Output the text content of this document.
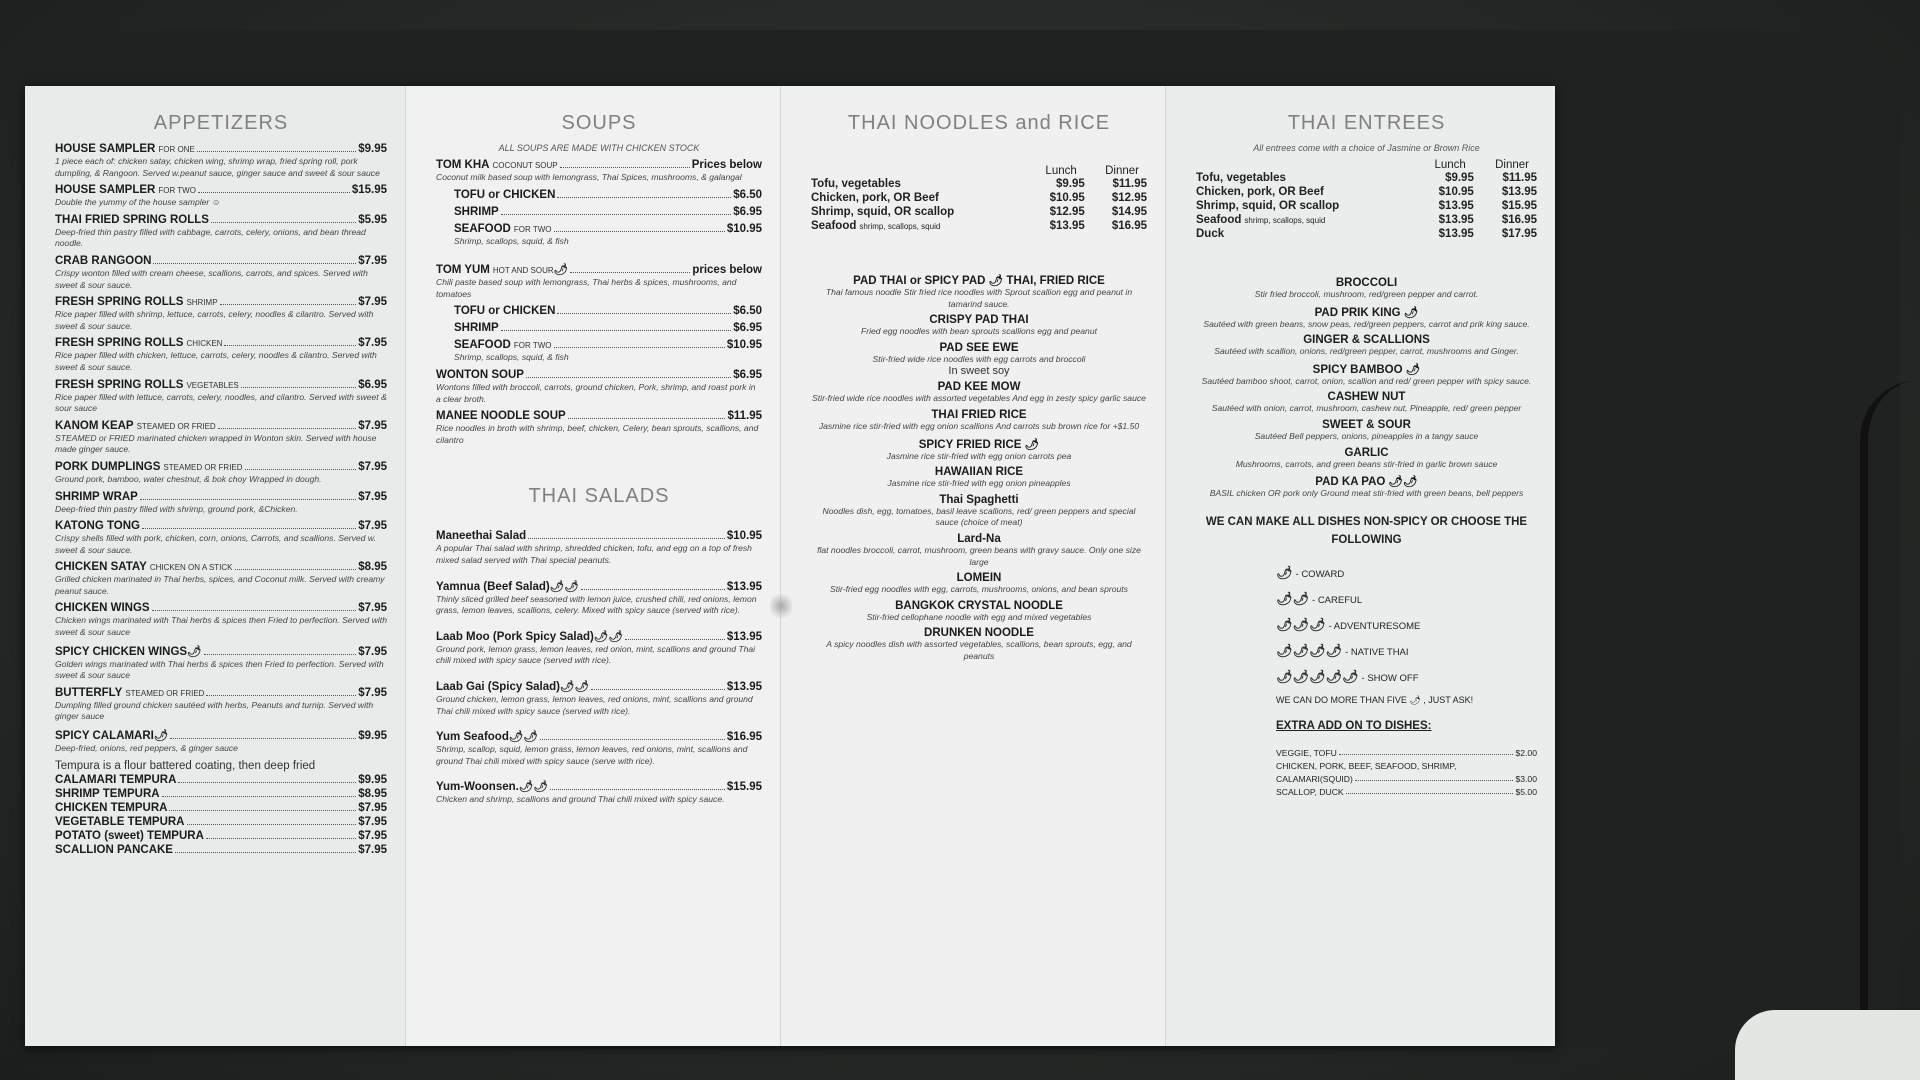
APPETIZERS
HOUSE SAMPLER FOR ONE	$9.95
1 piece each of: chicken satay, chicken wing, shrimp wrap, fried spring roll, pork dumpling, & Rangoon. Served w.peanut sauce, ginger sauce and sweet & sour sauce
HOUSE SAMPLER FOR TWO	$15.95
Double the yummy of the house sampler ☺
THAI FRIED SPRING ROLLS	$5.95
Deep-fried thin pastry filled with cabbage, carrots, celery, onions, and bean thread noodle.
CRAB RANGOON	$7.95
Crispy wonton filled with cream cheese, scallions, carrots, and spices. Served with sweet & sour sauce.
FRESH SPRING ROLLS SHRIMP	$7.95
Rice paper filled with shrimp, lettuce, carrots, celery, noodles & cilantro. Served with sweet & sour sauce.
FRESH SPRING ROLLS CHICKEN	$7.95
Rice paper filled with chicken, lettuce, carrots, celery, noodles & cilantro. Served with sweet & sour sauce.
FRESH SPRING ROLLS VEGETABLES	$6.95
Rice paper filled with lettuce, carrots, celery, noodles, and cilantro. Served with sweet & sour sauce
KANOM KEAP STEAMED OR FRIED	$7.95
STEAMED or FRIED marinated chicken wrapped in Wonton skin. Served with house made ginger sauce.
PORK DUMPLINGS STEAMED OR FRIED	$7.95
Ground pork, bamboo, water chestnut, & bok choy Wrapped in dough.
SHRIMP WRAP	$7.95
Deep-fried thin pastry filled with shrimp, ground pork, &Chicken.
KATONG TONG	$7.95
Crispy shells filled with pork, chicken, corn, onions, Carrots, and scallions. Served w. sweet & sour sauce.
CHICKEN SATAY CHICKEN ON A STICK	$8.95
Grilled chicken marinated in Thai herbs, spices, and Coconut milk. Served with creamy peanut sauce.
CHICKEN WINGS	$7.95
Chicken wings marinated with Thai herbs & spices then Fried to perfection. Served with sweet & sour sauce
SPICY CHICKEN WINGS 🌶	$7.95
Golden wings marinated with Thai herbs & spices then Fried to perfection. Served with sweet & sour sauce
BUTTERFLY STEAMED OR FRIED	$7.95
Dumpling filled ground chicken sautéed with herbs, Peanuts and turnip. Served with ginger sauce
SPICY CALAMARI 🌶	$9.95
Deep-fried, onions, red peppers, & ginger sauce
Tempura is a flour battered coating, then deep fried
CALAMARI TEMPURA	$9.95
SHRIMP TEMPURA	$8.95
CHICKEN TEMPURA	$7.95
VEGETABLE TEMPURA	$7.95
POTATO (sweet) TEMPURA	$7.95
SCALLION PANCAKE	$7.95
SOUPS
ALL SOUPS ARE MADE WITH CHICKEN STOCK
TOM KHA COCONUT SOUP	Prices below
Coconut milk based soup with lemongrass, Thai Spices, mushrooms, & galangal
TOFU or CHICKEN	$6.50
SHRIMP	$6.95
SEAFOOD FOR TWO	$10.95
Shrimp, scallops, squid, & fish
TOM YUM HOT AND SOUR 🌶	prices below
Chili paste based soup with lemongrass, Thai herbs & spices, mushrooms, and tomatoes
TOFU or CHICKEN	$6.50
SHRIMP	$6.95
SEAFOOD FOR TWO	$10.95
Shrimp, scallops, squid, & fish
WONTON SOUP	$6.95
Wontons filled with broccoli, carrots, ground chicken, Pork, shrimp, and roast pork in a clear broth.
MANEE NOODLE SOUP	$11.95
Rice noodles in broth with shrimp, beef, chicken, Celery, bean sprouts, scallions, and cilantro
THAI SALADS
Maneethai Salad	$10.95
A popular Thai salad with shrimp, shredded chicken, tofu, and egg on a top of fresh mixed salad served with Thai special peanuts.
Yamnua (Beef Salad) 🌶🌶	$13.95
Thinly sliced grilled beef seasoned with lemon juice, crushed chili, red onions, lemon grass, lemon leaves, scallions, celery. Mixed with spicy sauce (served with rice).
Laab Moo (Pork Spicy Salad) 🌶🌶	$13.95
Ground pork, lemon grass, lemon leaves, red onion, mint, scallions and ground Thai chili mixed with spicy sauce (served with rice).
Laab Gai (Spicy Salad) 🌶🌶	$13.95
Ground chicken, lemon grass, lemon leaves, red onions, mint, scallions and ground Thai chili mixed with spicy sauce (served with rice).
Yum Seafood 🌶🌶	$16.95
Shrimp, scallop, squid, lemon grass, lemon leaves, red onions, mint, scallions and ground Thai chili mixed with spicy sauce (serve with rice).
Yum-Woonsen. 🌶🌶	$15.95
Chicken and shrimp, scallions and ground Thai chili mixed with spicy sauce.
THAI NOODLES and RICE
	Lunch	Dinner
Tofu, vegetables	$9.95	$11.95
Chicken, pork, OR Beef	$10.95	$12.95
Shrimp, squid, OR scallop	$12.95	$14.95
Seafood shrimp, scallops, squid	$13.95	$16.95
PAD THAI or SPICY PAD 🌶 THAI, FRIED RICE
Thai famous noodle Stir fried rice noodles with Sprout scallion egg and peanut in tamarind sauce.
CRISPY PAD THAI
Fried egg noodles with bean sprouts scallions egg and peanut
PAD SEE EWE
Stir-fried wide rice noodles with egg carrots and broccoli
In sweet soy
PAD KEE MOW
Stir-fried wide rice noodles with assorted vegetables And egg in zesty spicy garlic sauce
THAI FRIED RICE
Jasmine rice stir-fried with egg onion scallions And carrots sub brown rice for +$1.50
SPICY FRIED RICE 🌶
Jasmine rice stir-fried with egg onion carrots pea
HAWAIIAN RICE
Jasmine rice stir-fried with egg onion pineapples
Thai Spaghetti
Noodles dish, egg, tomatoes, basil leave scallions, red/ green peppers and special sauce (choice of meat)
Lard-Na
flat noodles broccoli, carrot, mushroom, green beans with gravy sauce. Only one size large
LOMEIN
Stir-fried egg noodles with egg, carrots, mushrooms, onions, and bean sprouts
BANGKOK CRYSTAL NOODLE
Stir-fried cellophane noodle with egg and mixed vegetables
DRUNKEN NOODLE
A spicy noodles dish with assorted vegetables, scallions, bean sprouts, egg, and peanuts
THAI ENTREES
All entrees come with a choice of Jasmine or Brown Rice
	Lunch	Dinner
Tofu, vegetables	$9.95	$11.95
Chicken, pork, OR Beef	$10.95	$13.95
Shrimp, squid, OR scallop	$13.95	$15.95
Seafood shrimp, scallops, squid	$13.95	$16.95
Duck	$13.95	$17.95
BROCCOLI
Stir fried broccoli, mushroom, red/green pepper and carrot.
PAD PRIK KING 🌶
Sautéed with green beans, snow peas, red/green peppers, carrot and prik king sauce.
GINGER & SCALLIONS
Sautéed with scallion, onions, red/green pepper, carrot, mushrooms and Ginger.
SPICY BAMBOO 🌶
Sautéed bamboo shoot, carrot, onion, scallion and red/ green pepper with spicy sauce.
CASHEW NUT
Sautéed with onion, carrot, mushroom, cashew nut, Pineapple, red/ green pepper
SWEET & SOUR
Sautéed Bell peppers, onions, pineapples in a tangy sauce
GARLIC
Mushrooms, carrots, and green beans stir-fried in garlic brown sauce
PAD KA PAO 🌶🌶
BASIL chicken OR pork only Ground meat stir-fried with green beans, bell peppers
WE CAN MAKE ALL DISHES NON-SPICY OR CHOOSE THE FOLLOWING
🌶 - COWARD
🌶🌶 - CAREFUL
🌶🌶🌶 - ADVENTURESOME
🌶🌶🌶🌶 - NATIVE THAI
🌶🌶🌶🌶🌶 - SHOW OFF
WE CAN DO MORE THAN FIVE 🌶 , JUST ASK!
EXTRA ADD ON TO DISHES:
VEGGIE, TOFU	$2.00
CHICKEN, PORK, BEEF, SEAFOOD, SHRIMP,
CALAMARI(SQUID)	$3.00
SCALLOP, DUCK	$5.00
